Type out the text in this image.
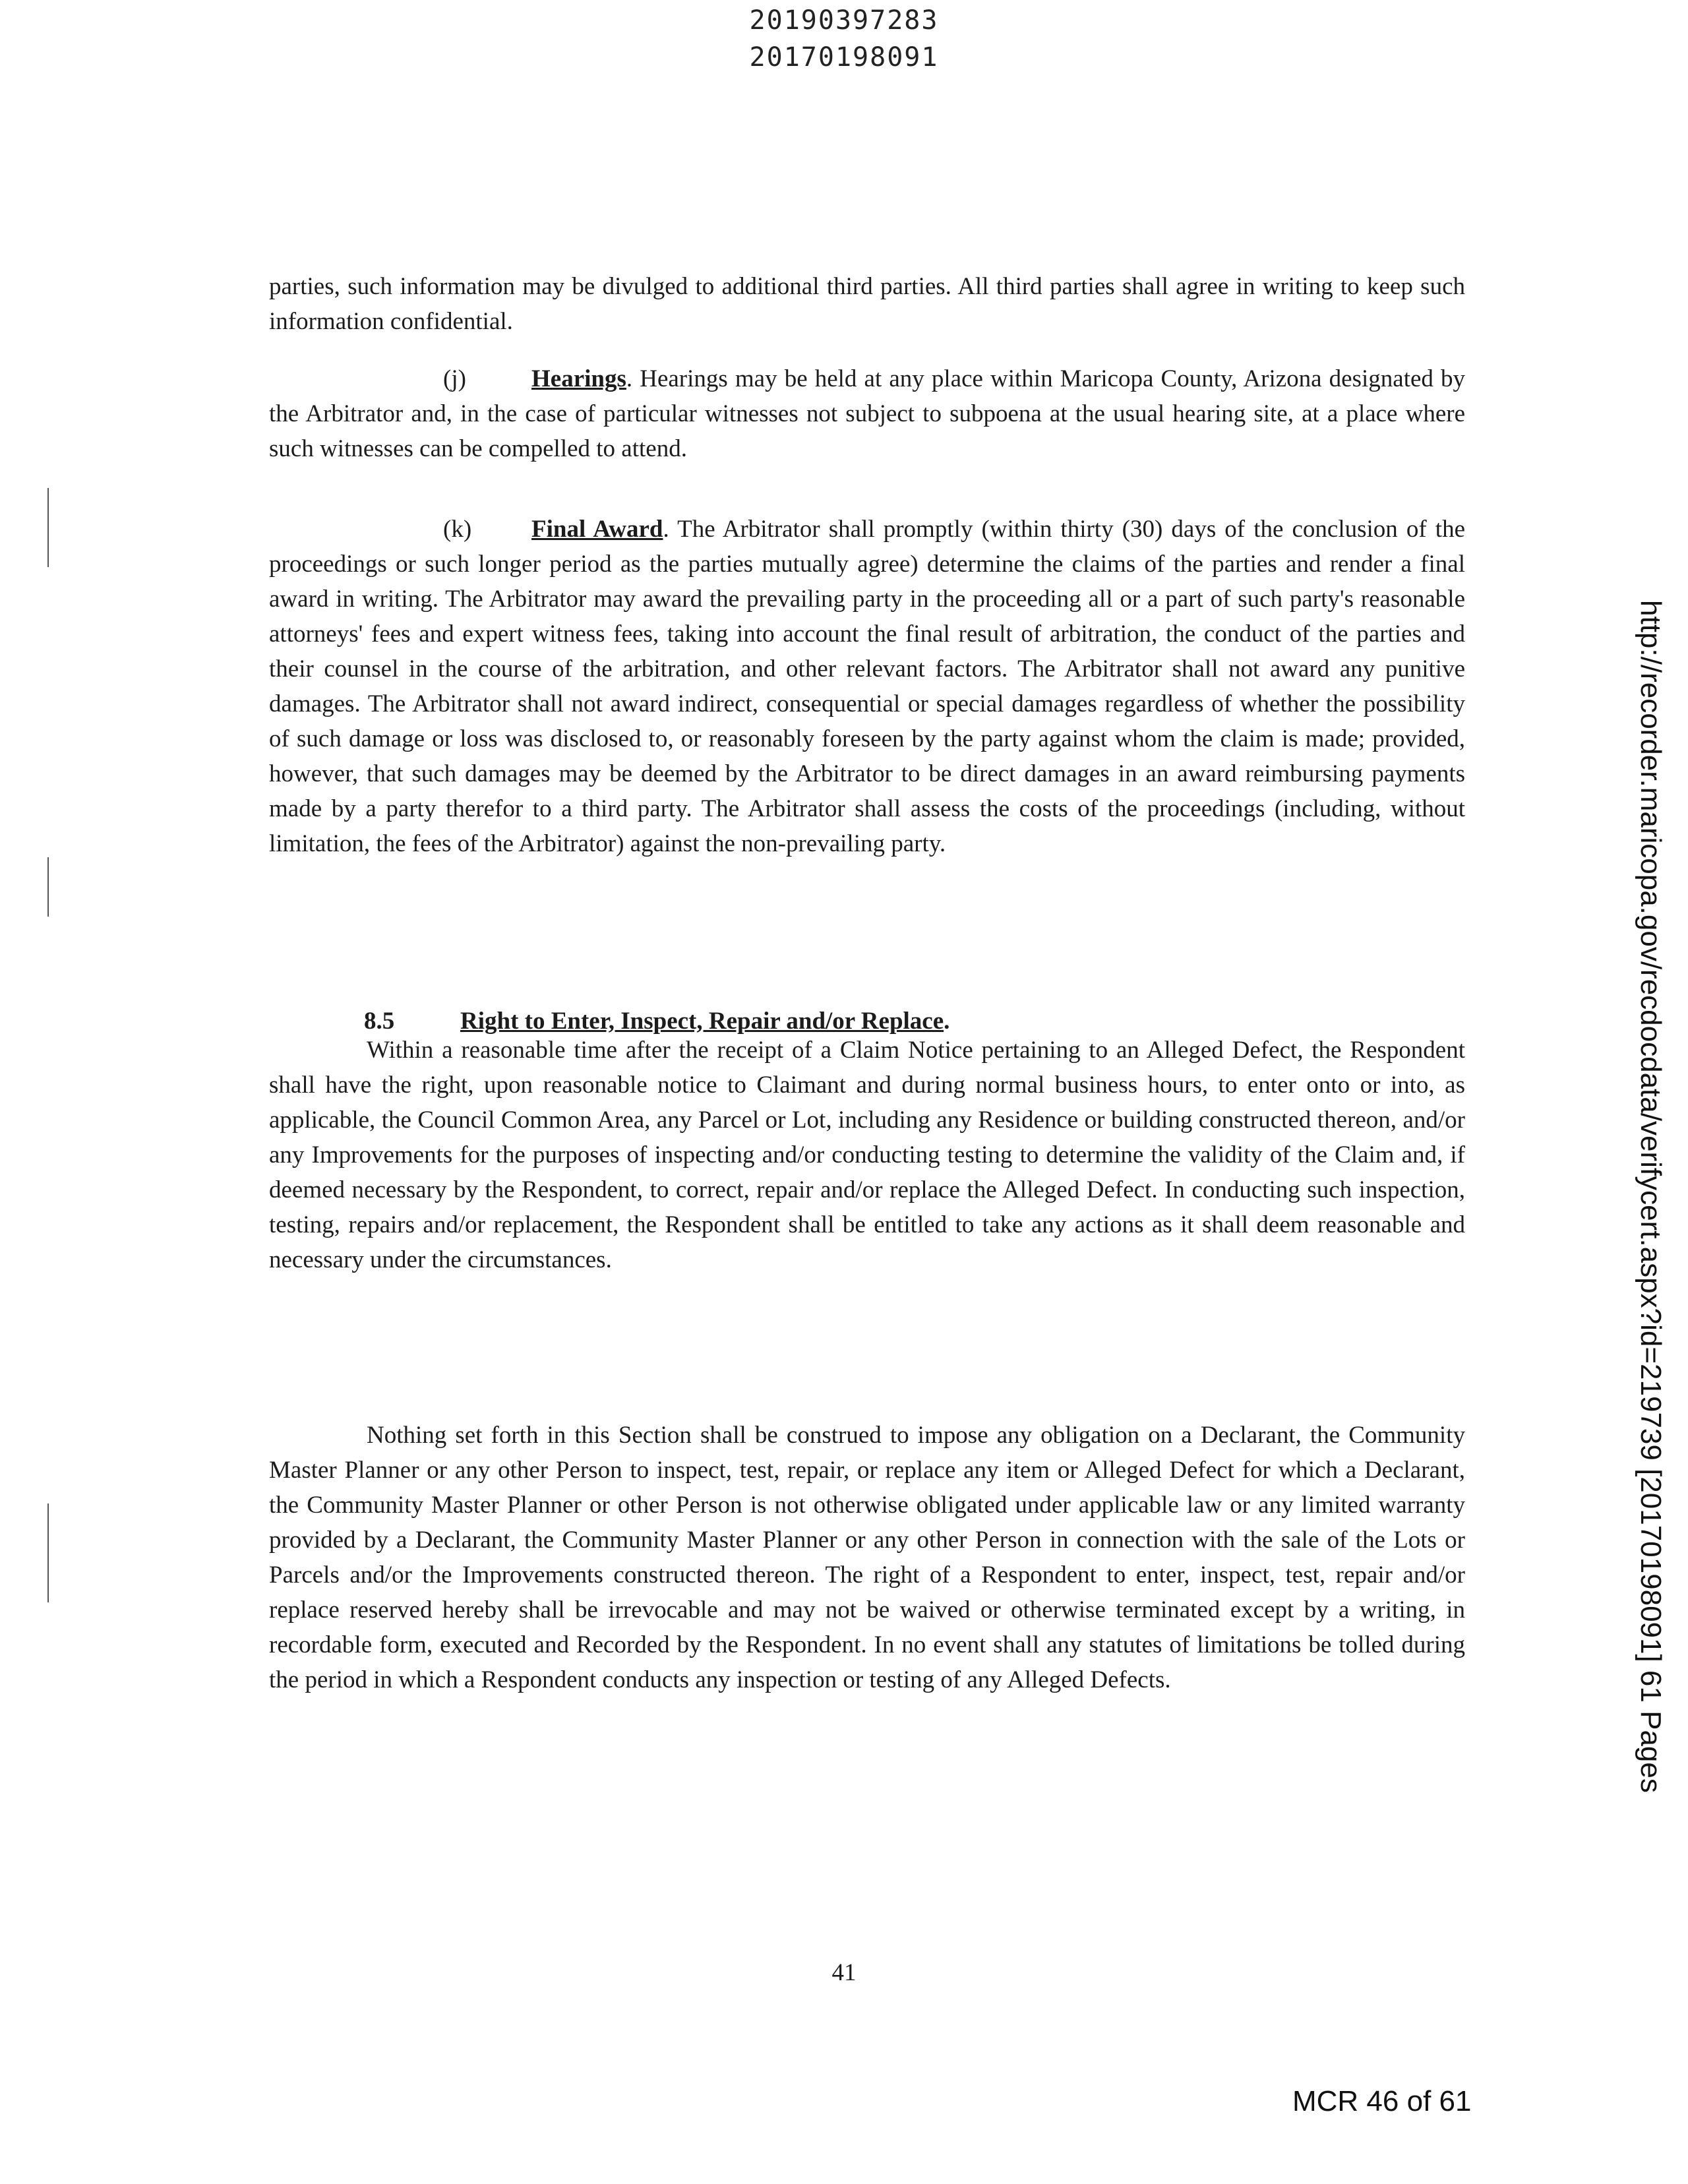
20190397283
20170198091

parties, such information may be divulged to additional third parties. All third parties shall agree in writing to keep such information confidential.

(j)	Hearings. Hearings may be held at any place within Maricopa County, Arizona designated by the Arbitrator and, in the case of particular witnesses not subject to subpoena at the usual hearing site, at a place where such witnesses can be compelled to attend.

(k) Final Award. The Arbitrator shall promptly (within thirty (30) days of the conclusion of the proceedings or such longer period as the parties mutually agree) determine the claims of the parties and render a final award in writing. The Arbitrator may award the prevailing party in the proceeding all or a part of such party's reasonable attorneys' fees and expert witness fees, taking into account the final result of arbitration, the conduct of the parties and their counsel in the course of the arbitration, and other relevant factors. The Arbitrator shall not award any punitive damages. The Arbitrator shall not award indirect, consequential or special damages regardless of whether the possibility of such damage or loss was disclosed to, or reasonably foreseen by the party against whom the claim is made; provided, however, that such damages may be deemed by the Arbitrator to be direct damages in an award reimbursing payments made by a party therefor to a third party. The Arbitrator shall assess the costs of the proceedings (including, without limitation, the fees of the Arbitrator) against the non-prevailing party.

8.5	Right to Enter, Inspect, Repair and/or Replace.

Within a reasonable time after the receipt of a Claim Notice pertaining to an Alleged Defect, the Respondent shall have the right, upon reasonable notice to Claimant and during normal business hours, to enter onto or into, as applicable, the Council Common Area, any Parcel or Lot, including any Residence or building constructed thereon, and/or any Improvements for the purposes of inspecting and/or conducting testing to determine the validity of the Claim and, if deemed necessary by the Respondent, to correct, repair and/or replace the Alleged Defect. In conducting such inspection, testing, repairs and/or replacement, the Respondent shall be entitled to take any actions as it shall deem reasonable and necessary under the circumstances.

Nothing set forth in this Section shall be construed to impose any obligation on a Declarant, the Community Master Planner or any other Person to inspect, test, repair, or replace any item or Alleged Defect for which a Declarant, the Community Master Planner or other Person is not otherwise obligated under applicable law or any limited warranty provided by a Declarant, the Community Master Planner or any other Person in connection with the sale of the Lots or Parcels and/or the Improvements constructed thereon. The right of a Respondent to enter, inspect, test, repair and/or replace reserved hereby shall be irrevocable and may not be waived or otherwise terminated except by a writing, in recordable form, executed and Recorded by the Respondent. In no event shall any statutes of limitations be tolled during the period in which a Respondent conducts any inspection or testing of any Alleged Defects.

41
MCR 46 of 61
http://recorder.maricopa.gov/recdocdata/verifycert.aspx?id=219739 [20170198091] 61 Pages
